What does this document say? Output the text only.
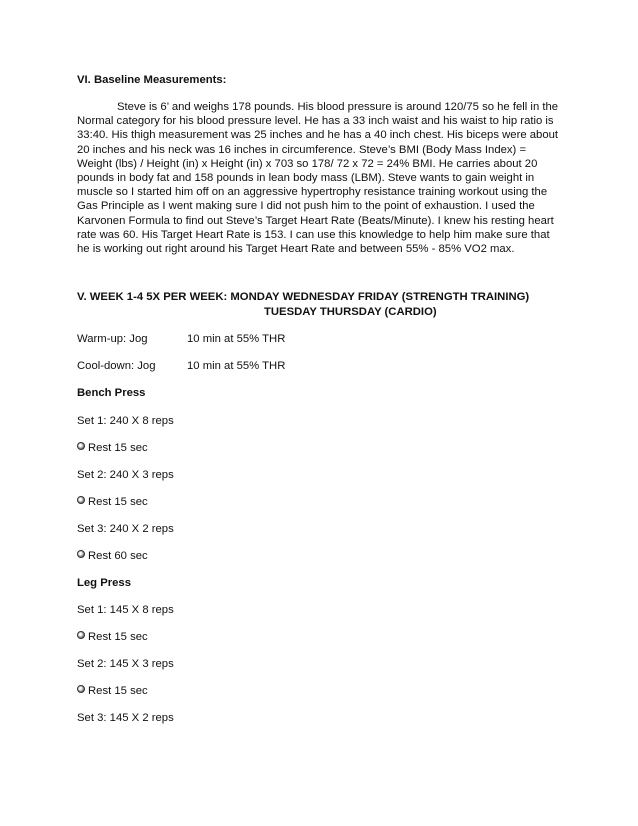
VI. Baseline Measurements:

Steve is 6’ and weighs 178 pounds. His blood pressure is around 120/75 so he fell in the Normal category for his blood pressure level. He has a 33 inch waist and his waist to hip ratio is 33:40. His thigh measurement was 25 inches and he has a 40 inch chest. His biceps were about 20 inches and his neck was 16 inches in circumference. Steve’s BMI (Body Mass Index) = Weight (lbs) / Height (in) x Height (in) x 703 so 178/ 72 x 72 = 24% BMI. He carries about 20 pounds in body fat and 158 pounds in lean body mass (LBM). Steve wants to gain weight in muscle so I started him off on an aggressive hypertrophy resistance training workout using the Gas Principle as I went making sure I did not push him to the point of exhaustion. I used the Karvonen Formula to find out Steve’s Target Heart Rate (Beats/Minute). I knew his resting heart rate was 60. His Target Heart Rate is 153. I can use this knowledge to help him make sure that he is working out right around his Target Heart Rate and between 55% - 85% VO2 max.

V. WEEK 1-4 5X PER WEEK: MONDAY WEDNESDAY FRIDAY (STRENGTH TRAINING)

TUESDAY THURSDAY (CARDIO)

Warm-up: Jog	10 min at 55% THR

Cool-down: Jog	10 min at 55% THR

Bench Press

Set 1: 240 X 8 reps

Rest 15 sec

Set 2: 240 X 3 reps

Rest 15 sec

Set 3: 240 X 2 reps

Rest 60 sec

Leg Press

Set 1: 145 X 8 reps

Rest 15 sec

Set 2: 145 X 3 reps

Rest 15 sec

Set 3: 145 X 2 reps
